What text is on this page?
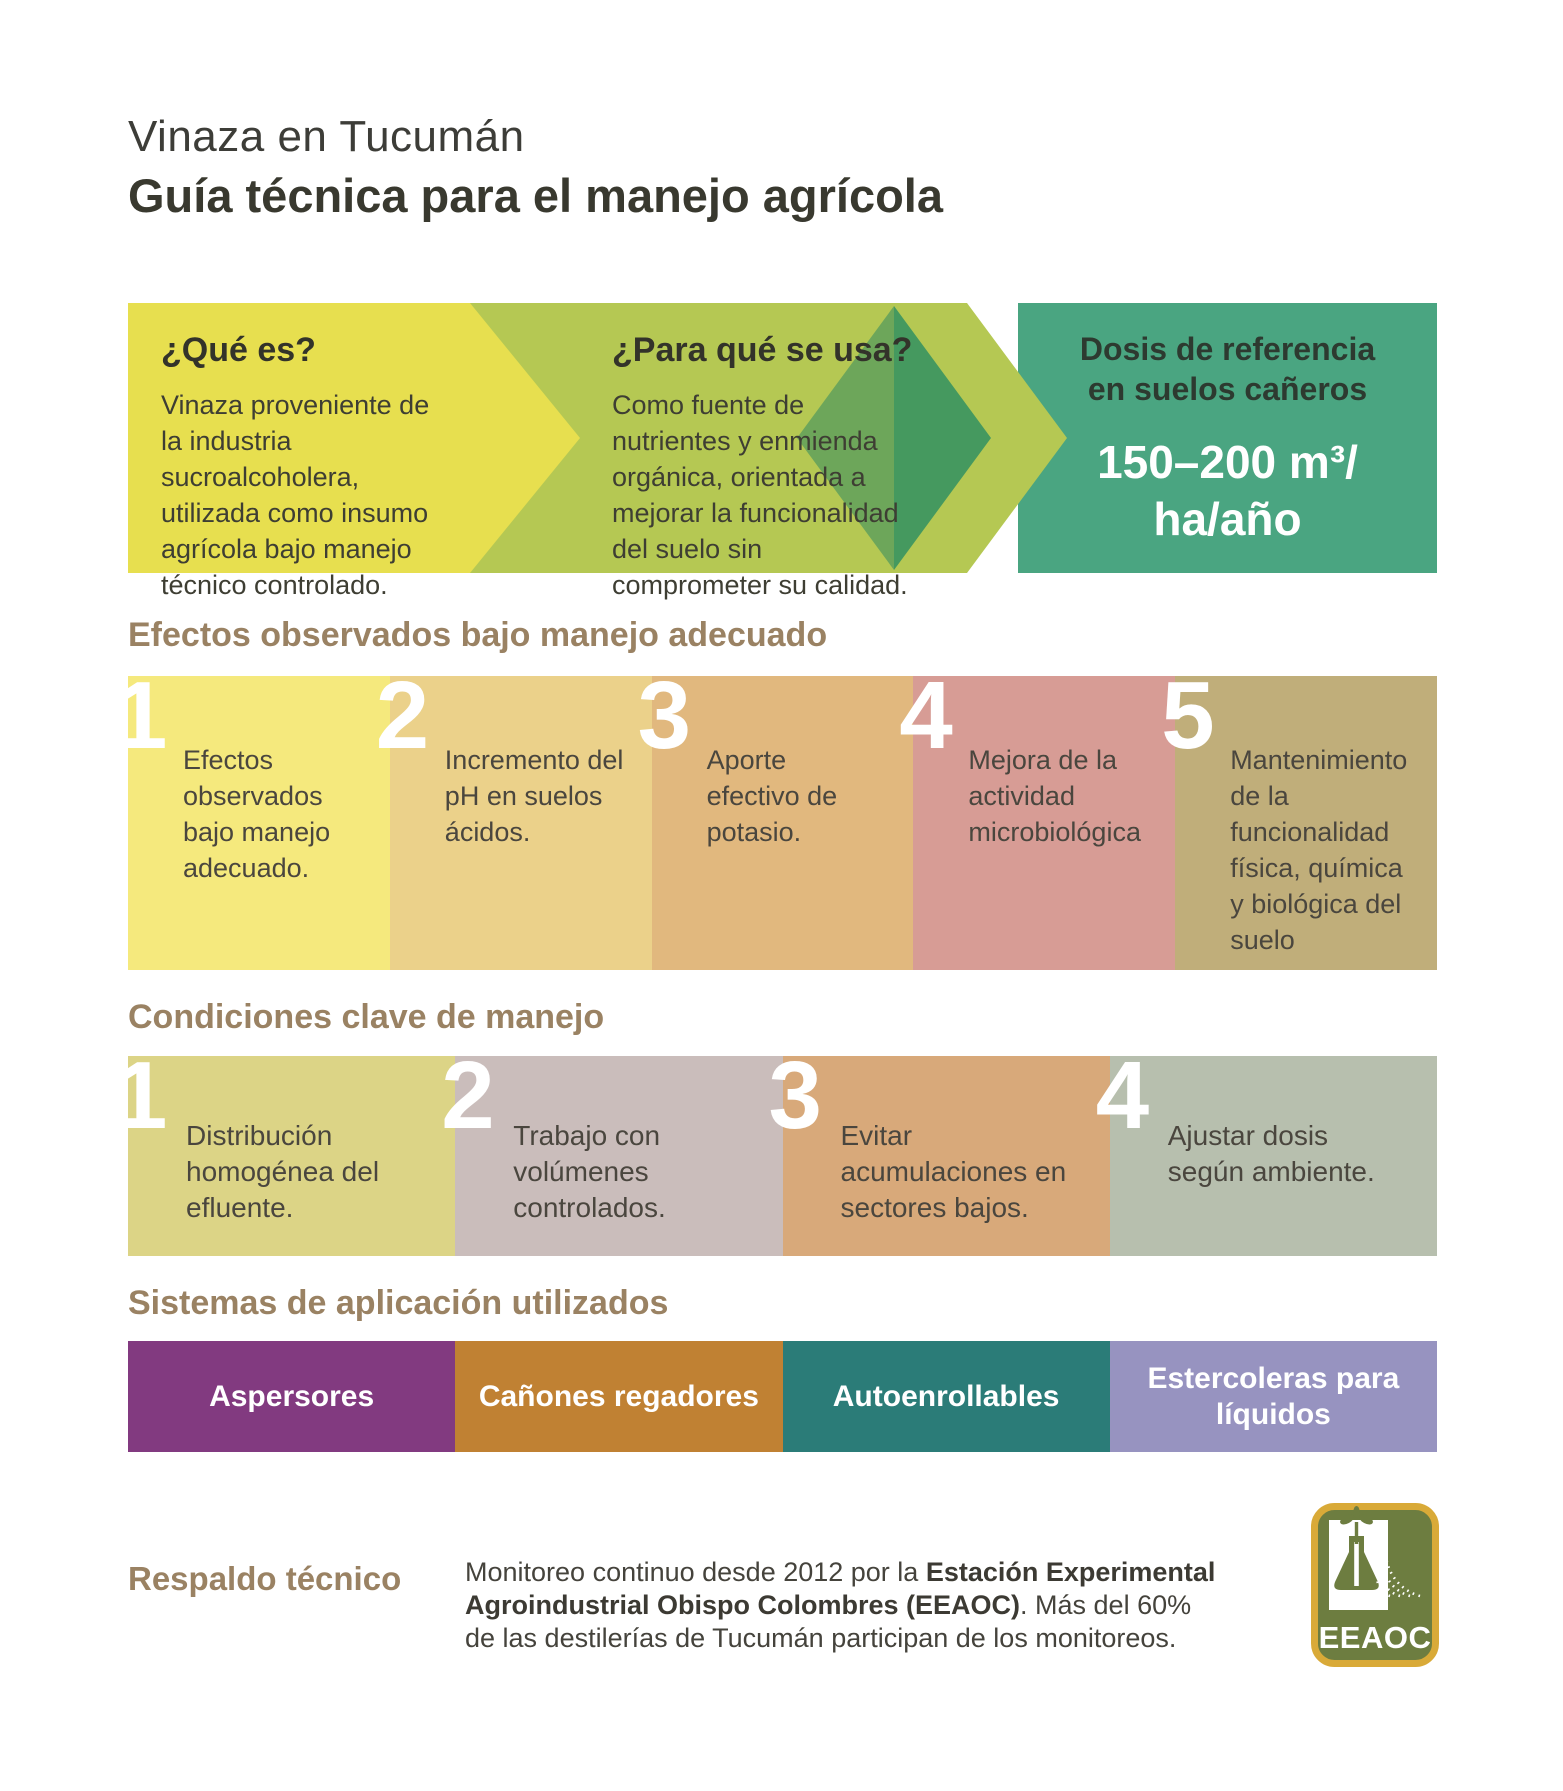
Vinaza en Tucumán
Guía técnica para el manejo agrícola
¿Qué es?

Vinaza proveniente de la industria sucroalcoholera, utilizada como insumo agrícola bajo manejo técnico controlado.

¿Para qué se usa?

Como fuente de nutrientes y enmienda orgánica, orientada a mejorar la funcionalidad del suelo sin comprometer su calidad.

Dosis de referencia
en suelos cañeros

150–200 m³/
ha/año

Efectos observados bajo manejo adecuado
1 Efectos observados bajo manejo adecuado.
2 Incremento del pH en suelos ácidos.
3 Aporte efectivo de potasio.
4 Mejora de la actividad microbiológica
5 Mantenimiento de la funcionalidad física, química y biológica del suelo
Condiciones clave de manejo
1 Distribución homogénea del efluente.
2 Trabajo con volúmenes controlados.
3 Evitar acumulaciones en sectores bajos.
4 Ajustar dosis según ambiente.
Sistemas de aplicación utilizados
Aspersores	Cañones regadores	Autoenrollables
Estercoleras para líquidos
Respaldo técnico Monitoreo continuo desde 2012 por la Estación Experimental Agroindustrial Obispo Colombres (EEAOC). Más del 60% de las destilerías de Tucumán participan de los monitoreos.	EEAOC
